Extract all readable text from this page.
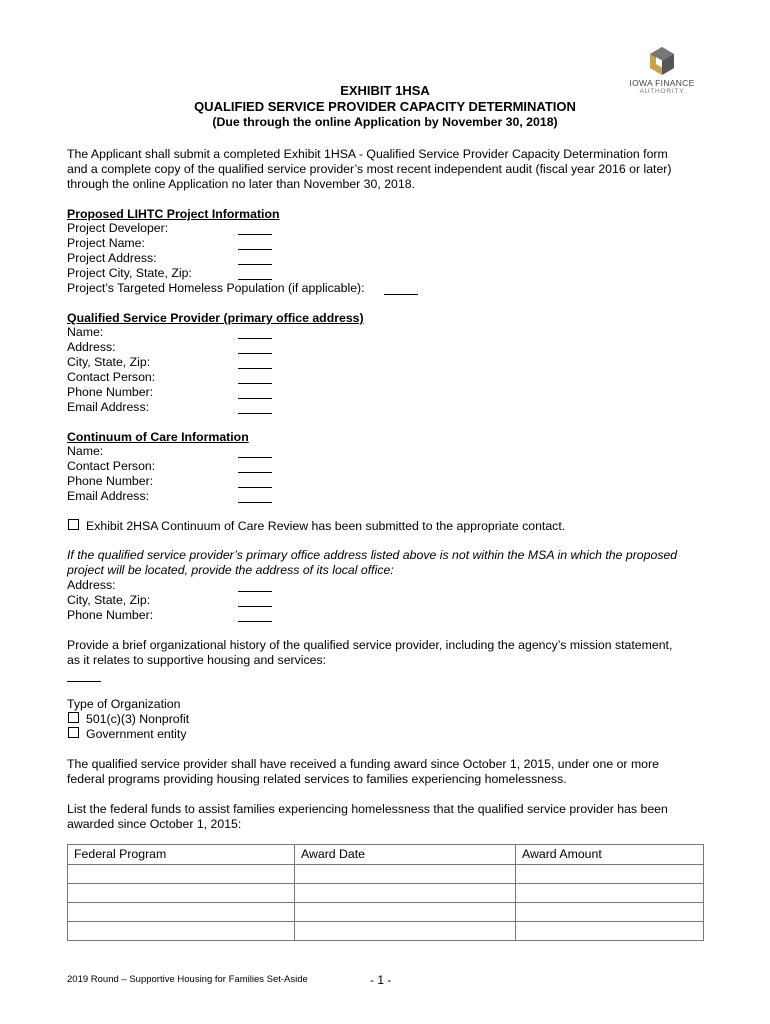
IOWA FINANCE
AUTHORITY
EXHIBIT 1HSA
QUALIFIED SERVICE PROVIDER CAPACITY DETERMINATION
(Due through the online Application by November 30, 2018)
The Applicant shall submit a completed Exhibit 1HSA - Qualified Service Provider Capacity Determination form
and a complete copy of the qualified service provider’s most recent independent audit (fiscal year 2016 or later)
through the online Application no later than November 30, 2018.
Proposed LIHTC Project Information
Project Developer:
Project Name:
Project Address:
Project City, State, Zip:
Project’s Targeted Homeless Population (if applicable):
Qualified Service Provider (primary office address)
Name:
Address:
City, State, Zip:
Contact Person:
Phone Number:
Email Address:
Continuum of Care Information
Name:
Contact Person:
Phone Number:
Email Address:
Exhibit 2HSA Continuum of Care Review has been submitted to the appropriate contact.
If the qualified service provider’s primary office address listed above is not within the MSA in which the proposed
project will be located, provide the address of its local office:
Address:
City, State, Zip:
Phone Number:
Provide a brief organizational history of the qualified service provider, including the agency’s mission statement,
as it relates to supportive housing and services:
Type of Organization
501(c)(3) Nonprofit
Government entity
The qualified service provider shall have received a funding award since October 1, 2015, under one or more
federal programs providing housing related services to families experiencing homelessness.
List the federal funds to assist families experiencing homelessness that the qualified service provider has been
awarded since October 1, 2015:
Federal Program	Award Date	Award Amount

2019 Round – Supportive Housing for Families Set-Aside	- 1 -
